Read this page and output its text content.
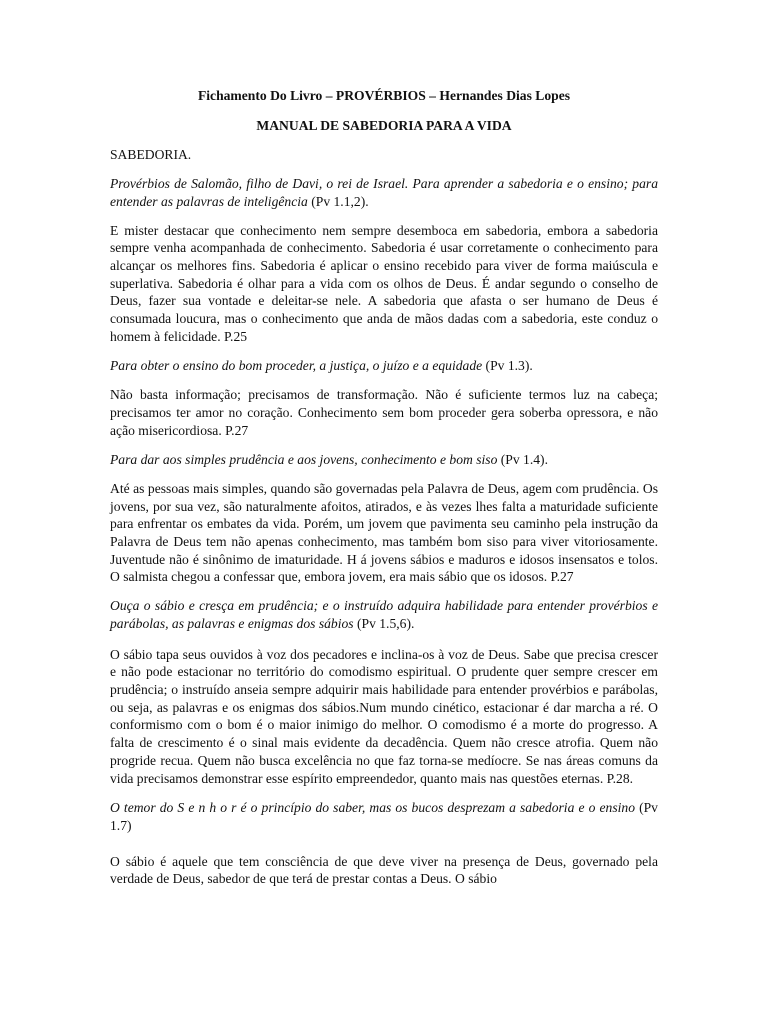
Fichamento Do Livro – PROVÉRBIOS – Hernandes Dias Lopes
MANUAL DE SABEDORIA PARA A VIDA
SABEDORIA.
Provérbios de Salomão, filho de Davi, o rei de Israel. Para aprender a sabedoria e o ensino; para entender as palavras de inteligência (Pv 1.1,2).
E mister destacar que conhecimento nem sempre desemboca em sabedoria, embora a sabedoria sempre venha acompanhada de conhecimento. Sabedoria é usar corretamente o conhecimento para alcançar os melhores fins. Sabedoria é aplicar o ensino recebido para viver de forma maiúscula e superlativa. Sabedoria é olhar para a vida com os olhos de Deus. É andar segundo o conselho de Deus, fazer sua vontade e deleitar-se nele. A sabedoria que afasta o ser humano de Deus é consumada loucura, mas o conhecimento que anda de mãos dadas com a sabedoria, este conduz o homem à felicidade. P.25
Para obter o ensino do bom proceder, a justiça, o juízo e a equidade (Pv 1.3).
Não basta informação; precisamos de transformação. Não é suficiente termos luz na cabeça; precisamos ter amor no coração. Conhecimento sem bom proceder gera soberba opressora, e não ação misericordiosa. P.27
Para dar aos simples prudência e aos jovens, conhecimento e bom siso (Pv 1.4).
Até as pessoas mais simples, quando são governadas pela Palavra de Deus, agem com prudência. Os jovens, por sua vez, são naturalmente afoitos, atirados, e às vezes lhes falta a maturidade suficiente para enfrentar os embates da vida. Porém, um jovem que pavimenta seu caminho pela instrução da Palavra de Deus tem não apenas conhecimento, mas também bom siso para viver vitoriosamente. Juventude não é sinônimo de imaturidade. H á jovens sábios e maduros e idosos insensatos e tolos. O salmista chegou a confessar que, embora jovem, era mais sábio que os idosos. P.27
Ouça o sábio e cresça em prudência; e o instruído adquira habilidade para entender provérbios e parábolas, as palavras e enigmas dos sábios (Pv 1.5,6).
O sábio tapa seus ouvidos à voz dos pecadores e inclina-os à voz de Deus. Sabe que precisa crescer e não pode estacionar no território do comodismo espiritual. O prudente quer sempre crescer em prudência; o instruído anseia sempre adquirir mais habilidade para entender provérbios e parábolas, ou seja, as palavras e os enigmas dos sábios.Num mundo cinético, estacionar é dar marcha a ré. O conformismo com o bom é o maior inimigo do melhor. O comodismo é a morte do progresso. A falta de crescimento é o sinal mais evidente da decadência. Quem não cresce atrofia. Quem não progride recua. Quem não busca excelência no que faz torna-se medíocre. Se nas áreas comuns da vida precisamos demonstrar esse espírito empreendedor, quanto mais nas questões eternas. P.28.
O temor do S e n h o r é o princípio do saber, mas os bucos desprezam a sabedoria e o ensino (Pv 1.7)
O sábio é aquele que tem consciência de que deve viver na presença de Deus, governado pela verdade de Deus, sabedor de que terá de prestar contas a Deus. O sábio
